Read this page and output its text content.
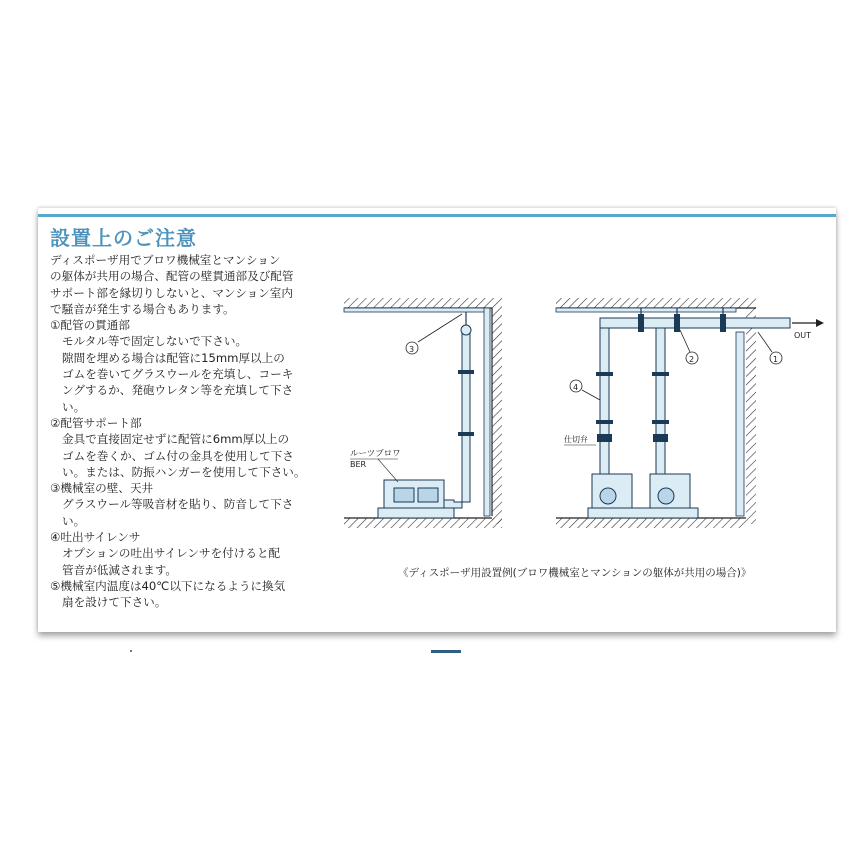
設置上のご注意
ディスポーザ用でブロワ機械室とマンション
の躯体が共用の場合、配管の壁貫通部及び配管
サポート部を縁切りしないと、マンション室内
で騒音が発生する場合もあります。
①配管の貫通部
モルタル等で固定しないで下さい。
隙間を埋める場合は配管に15mm厚以上の
ゴムを巻いてグラスウールを充填し、コーキ
ングするか、発砲ウレタン等を充填して下さ
い。
②配管サポート部
金具で直接固定せずに配管に6mm厚以上の
ゴムを巻くか、ゴム付の金具を使用して下さ
い。または、防振ハンガーを使用して下さい。
③機械室の壁、天井
グラスウール等吸音材を貼り、防音して下さ
い。
④吐出サイレンサ
オプションの吐出サイレンサを付けると配
管音が低減されます。
⑤機械室内温度は40℃以下になるように換気
扇を設けて下さい。
3
ルーツブロワ
BER
OUT
2	1
4
仕切弁
《ディスポーザ用設置例(ブロワ機械室とマンションの躯体が共用の場合)》
